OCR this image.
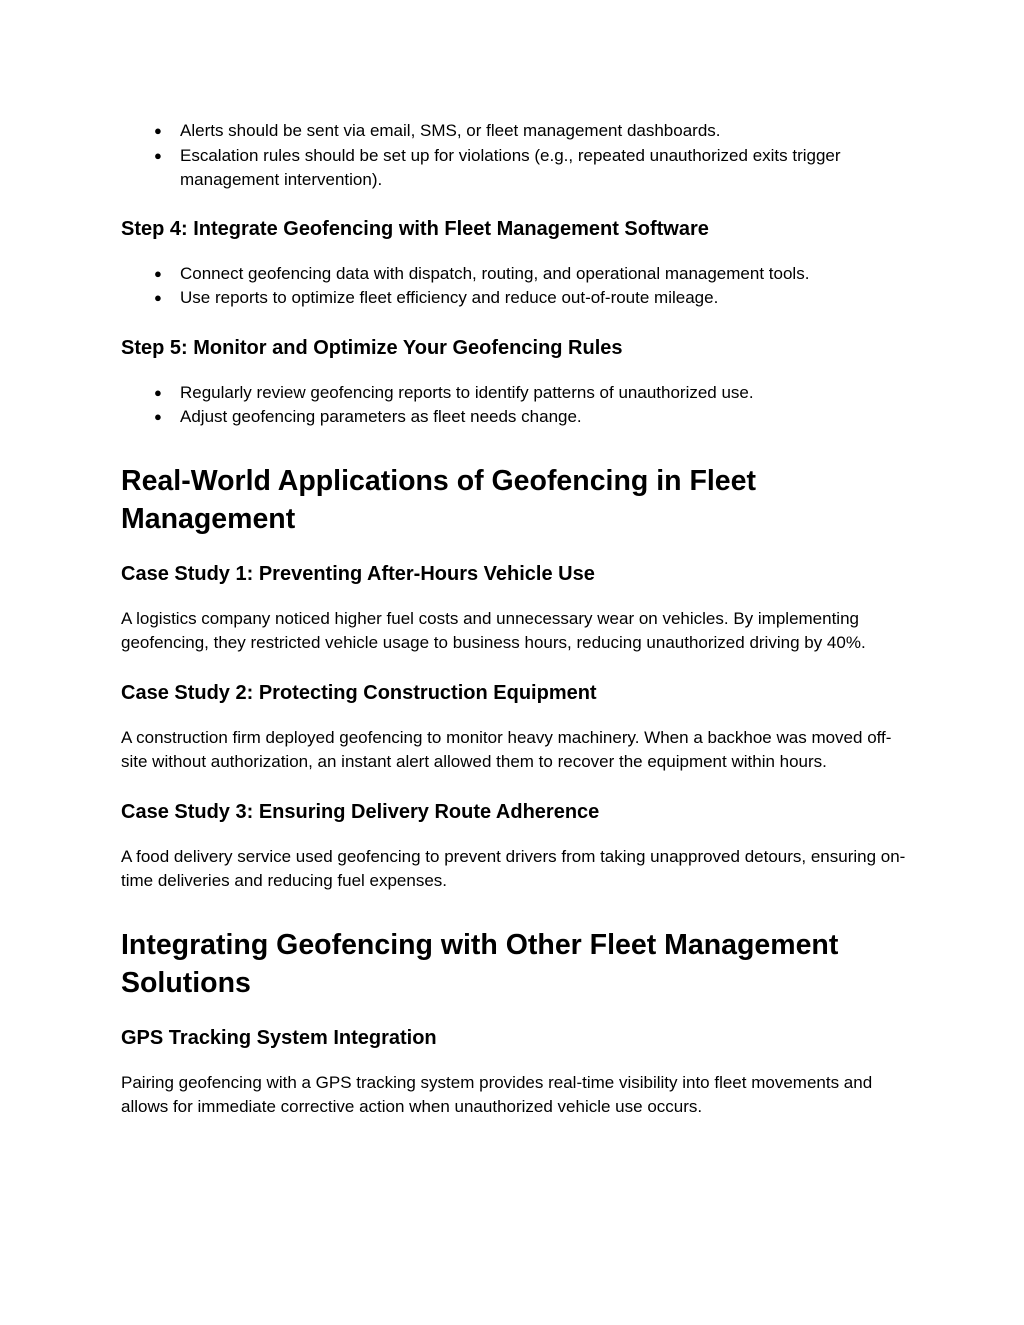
● Alerts should be sent via email, SMS, or fleet management dashboards.
● Escalation rules should be set up for violations (e.g., repeated unauthorized exits trigger management intervention).
Step 4: Integrate Geofencing with Fleet Management Software
● Connect geofencing data with dispatch, routing, and operational management tools.
● Use reports to optimize fleet efficiency and reduce out-of-route mileage.
Step 5: Monitor and Optimize Your Geofencing Rules
● Regularly review geofencing reports to identify patterns of unauthorized use.
● Adjust geofencing parameters as fleet needs change.
Real-World Applications of Geofencing in Fleet Management
Case Study 1: Preventing After-Hours Vehicle Use

A logistics company noticed higher fuel costs and unnecessary wear on vehicles. By implementing geofencing, they restricted vehicle usage to business hours, reducing unauthorized driving by 40%.

Case Study 2: Protecting Construction Equipment

A construction firm deployed geofencing to monitor heavy machinery. When a backhoe was moved off-site without authorization, an instant alert allowed them to recover the equipment within hours.

Case Study 3: Ensuring Delivery Route Adherence

A food delivery service used geofencing to prevent drivers from taking unapproved detours, ensuring on-time deliveries and reducing fuel expenses.

Integrating Geofencing with Other Fleet Management Solutions
GPS Tracking System Integration

Pairing geofencing with a GPS tracking system provides real-time visibility into fleet movements and allows for immediate corrective action when unauthorized vehicle use occurs.
